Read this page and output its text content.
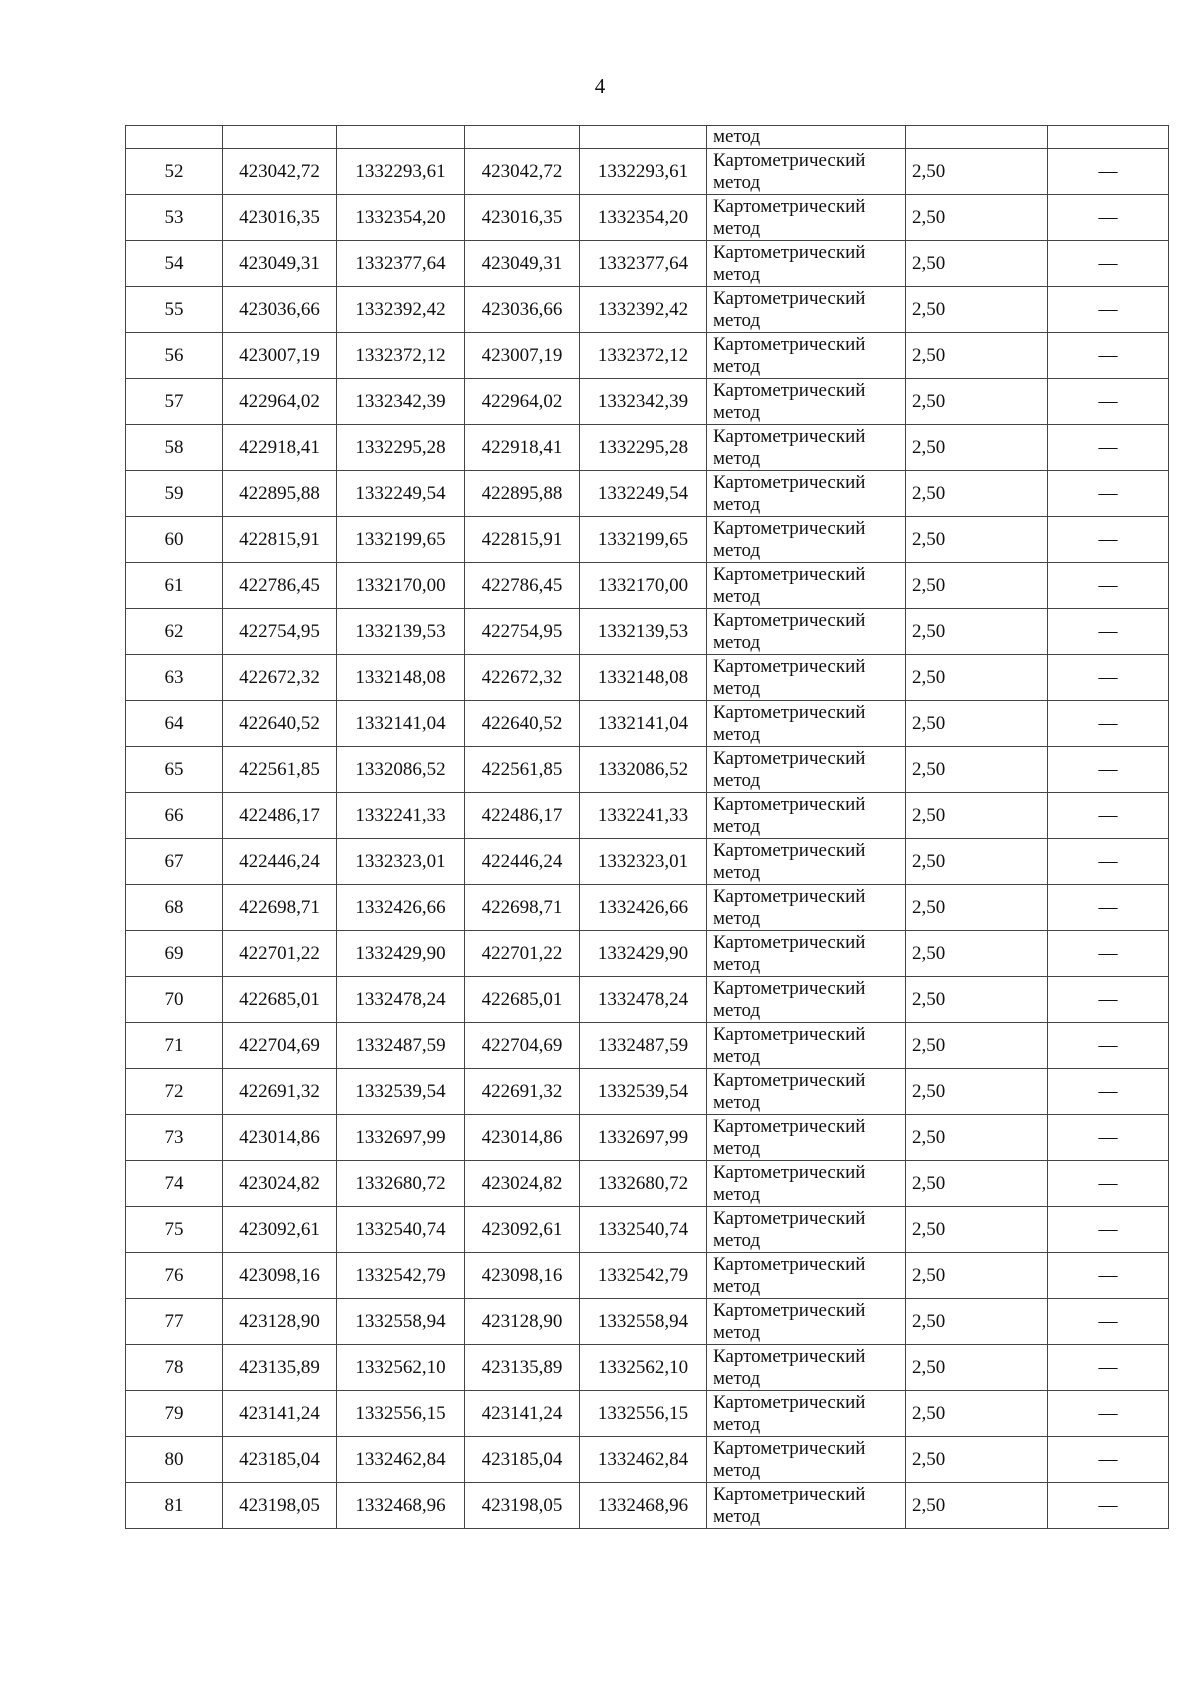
4

					метод		

52	423042,72	1332293,61	423042,72	1332293,61	Картометрический
метод	2,50	—
53	423016,35	1332354,20	423016,35	1332354,20	Картометрический
метод	2,50	—
54	423049,31	1332377,64	423049,31	1332377,64	Картометрический
метод	2,50	—
55	423036,66	1332392,42	423036,66	1332392,42	Картометрический
метод	2,50	—
56	423007,19	1332372,12	423007,19	1332372,12	Картометрический
метод	2,50	—
57	422964,02	1332342,39	422964,02	1332342,39	Картометрический
метод	2,50	—
58	422918,41	1332295,28	422918,41	1332295,28	Картометрический
метод	2,50	—
59	422895,88	1332249,54	422895,88	1332249,54	Картометрический
метод	2,50	—
60	422815,91	1332199,65	422815,91	1332199,65	Картометрический
метод	2,50	—
61	422786,45	1332170,00	422786,45	1332170,00	Картометрический
метод	2,50	—
62	422754,95	1332139,53	422754,95	1332139,53	Картометрический
метод	2,50	—
63	422672,32	1332148,08	422672,32	1332148,08	Картометрический
метод	2,50	—
64	422640,52	1332141,04	422640,52	1332141,04	Картометрический
метод	2,50	—
65	422561,85	1332086,52	422561,85	1332086,52	Картометрический
метод	2,50	—
66	422486,17	1332241,33	422486,17	1332241,33	Картометрический
метод	2,50	—
67	422446,24	1332323,01	422446,24	1332323,01	Картометрический
метод	2,50	—
68	422698,71	1332426,66	422698,71	1332426,66	Картометрический
метод	2,50	—
69	422701,22	1332429,90	422701,22	1332429,90	Картометрический
метод	2,50	—
70	422685,01	1332478,24	422685,01	1332478,24	Картометрический
метод	2,50	—
71	422704,69	1332487,59	422704,69	1332487,59	Картометрический
метод	2,50	—
72	422691,32	1332539,54	422691,32	1332539,54	Картометрический
метод	2,50	—
73	423014,86	1332697,99	423014,86	1332697,99	Картометрический
метод	2,50	—
74	423024,82	1332680,72	423024,82	1332680,72	Картометрический
метод	2,50	—
75	423092,61	1332540,74	423092,61	1332540,74	Картометрический
метод	2,50	—
76	423098,16	1332542,79	423098,16	1332542,79	Картометрический
метод	2,50	—
77	423128,90	1332558,94	423128,90	1332558,94	Картометрический
метод	2,50	—
78	423135,89	1332562,10	423135,89	1332562,10	Картометрический
метод	2,50	—
79	423141,24	1332556,15	423141,24	1332556,15	Картометрический
метод	2,50	—
80	423185,04	1332462,84	423185,04	1332462,84	Картометрический
метод	2,50	—
81	423198,05	1332468,96	423198,05	1332468,96	Картометрический
метод	2,50	—
